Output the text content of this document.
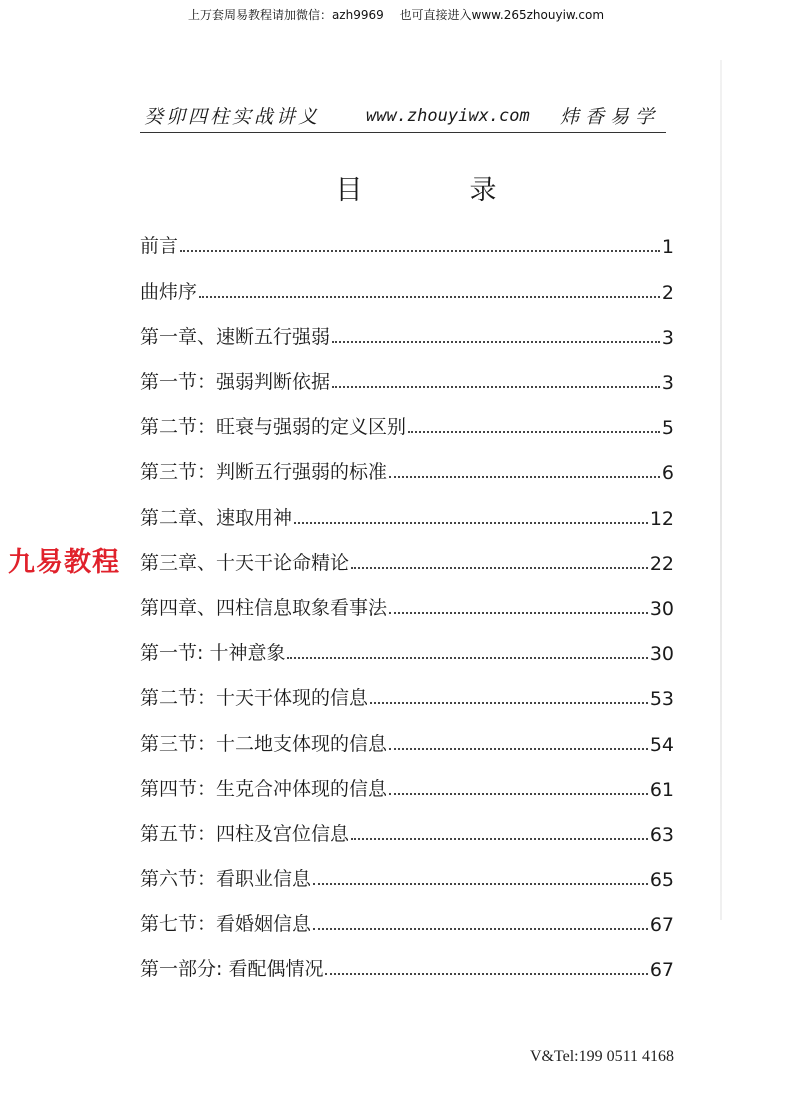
上万套周易教程请加微信：azh9969　 也可直接进入www.265zhouyiw.com
癸卯四柱实战讲义	www.zhouyiwx.com 炜香易学
目　录
前言	1
曲炜序	2
第一章、速断五行强弱	3
第一节：强弱判断依据	3
第二节：旺衰与强弱的定义区别	5
第三节：判断五行强弱的标准	6
第二章、速取用神	12
第三章、十天干论命精论	22
第四章、四柱信息取象看事法	30
第一节: 十神意象	30
第二节：十天干体现的信息	53
第三节：十二地支体现的信息	54
第四节：生克合冲体现的信息	61
第五节：四柱及宫位信息	63
第六节：看职业信息	65
第七节：看婚姻信息	67
第一部分: 看配偶情况	67
九易教程
V&Tel:199 0511 4168
